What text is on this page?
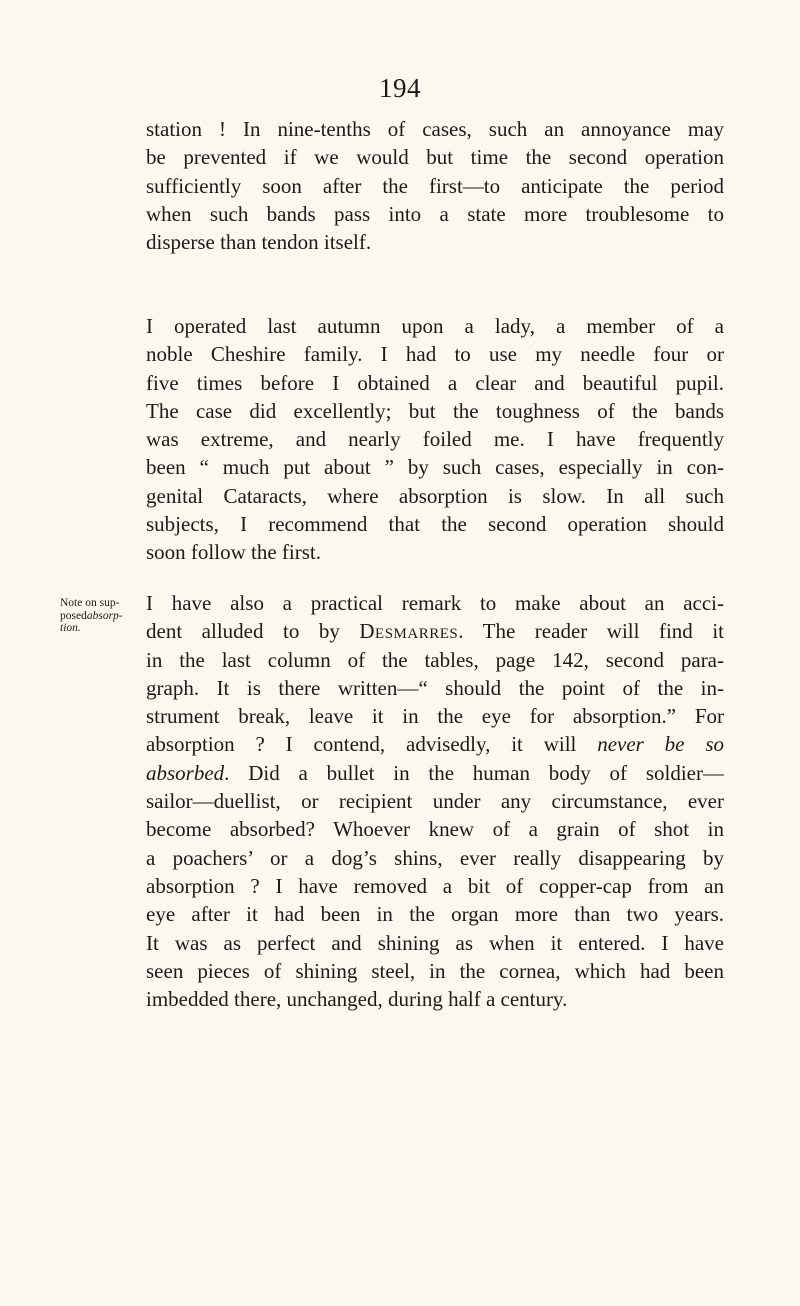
194
station ! In nine-tenths of cases, such an annoyance may
be prevented if we would but time the second operation
sufficiently soon after the first—to anticipate the period
when such bands pass into a state more troublesome to
disperse than tendon itself.
I operated last autumn upon a lady, a member of a
noble Cheshire family. I had to use my needle four or
five times before I obtained a clear and beautiful pupil.
The case did excellently; but the toughness of the bands
was extreme, and nearly foiled me. I have frequently
been “ much put about ” by such cases, especially in con-
genital Cataracts, where absorption is slow. In all such
subjects, I recommend that the second operation should
soon follow the first.
Note on sup-
posedabsorp-
tion.
I have also a practical remark to make about an acci-
dent alluded to by Desmarres. The reader will find it
in the last column of the tables, page 142, second para-
graph. It is there written—“ should the point of the in-
strument break, leave it in the eye for absorption.” For
absorption ? I contend, advisedly, it will never be so
absorbed. Did a bullet in the human body of soldier—
sailor—duellist, or recipient under any circumstance, ever
become absorbed? Whoever knew of a grain of shot in
a poachers’ or a dog’s shins, ever really disappearing by
absorption ? I have removed a bit of copper-cap from an
eye after it had been in the organ more than two years.
It was as perfect and shining as when it entered. I have
seen pieces of shining steel, in the cornea, which had been
imbedded there, unchanged, during half a century.
